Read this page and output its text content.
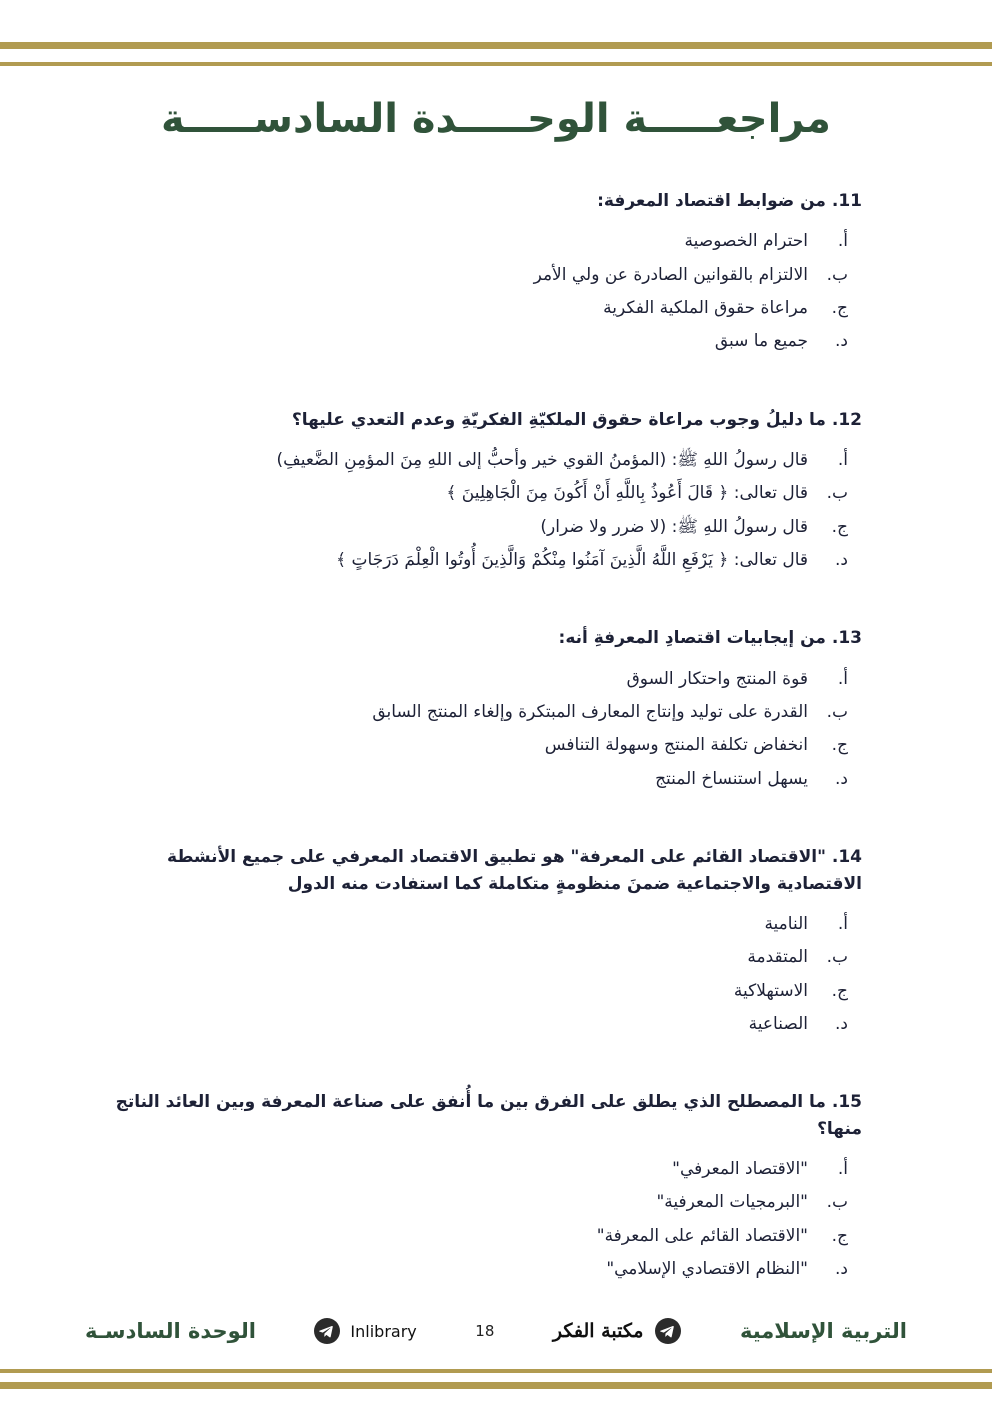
مراجعـــــة الوحـــــدة السادســـــة

11. من ضوابط اقتصاد المعرفة:

أ.
احترام الخصوصية
ب.
الالتزام بالقوانين الصادرة عن ولي الأمر
ج.
مراعاة حقوق الملكية الفكرية
د.
جميع ما سبق

12. ما دليلُ وجوب مراعاة حقوق الملكيّةِ الفكريّةِ وعدم التعدي عليها؟

أ.
قال رسولُ اللهِ ﷺ: (المؤمنُ القوي خير وأحبُّ إلى اللهِ مِنَ المؤمِنِ الضَّعيفِ)
ب.
قال تعالى: ﴿ قَالَ أَعُوذُ بِاللَّهِ أَنْ أَكُونَ مِنَ الْجَاهِلِينَ ﴾
ج.
قال رسولُ اللهِ ﷺ: (لا ضرر ولا ضرار)
د.
قال تعالى: ﴿ يَرْفَعِ اللَّهُ الَّذِينَ آمَنُوا مِنْكُمْ وَالَّذِينَ أُوتُوا الْعِلْمَ دَرَجَاتٍ ﴾

13. من إيجابيات اقتصادِ المعرفةِ أنه:

أ.
قوة المنتج واحتكار السوق
ب.
القدرة على توليد وإنتاج المعارف المبتكرة وإلغاء المنتج السابق
ج.
انخفاض تكلفة المنتج وسهولة التنافس
د.
يسهل استنساخ المنتج

14. "الاقتصاد القائم على المعرفة" هو تطبيق الاقتصاد المعرفي على جميع الأنشطة الاقتصادية والاجتماعية ضمنَ منظومةٍ متكاملة كما استفادت منه الدول

أ.
النامية
ب.
المتقدمة
ج.
الاستهلاكية
د.
الصناعية

15. ما المصطلح الذي يطلق على الفرق بين ما أُنفق على صناعة المعرفة وبين العائد الناتج منها؟

أ.
"الاقتصاد المعرفي"
ب.
"البرمجيات المعرفية"
ج.
"الاقتصاد القائم على المعرفة"
د.
"النظام الاقتصادي الإسلامي"
الوحدة السادسـة	Inlibrary	18	مكتبة الفكر	التربية الإسلامية
